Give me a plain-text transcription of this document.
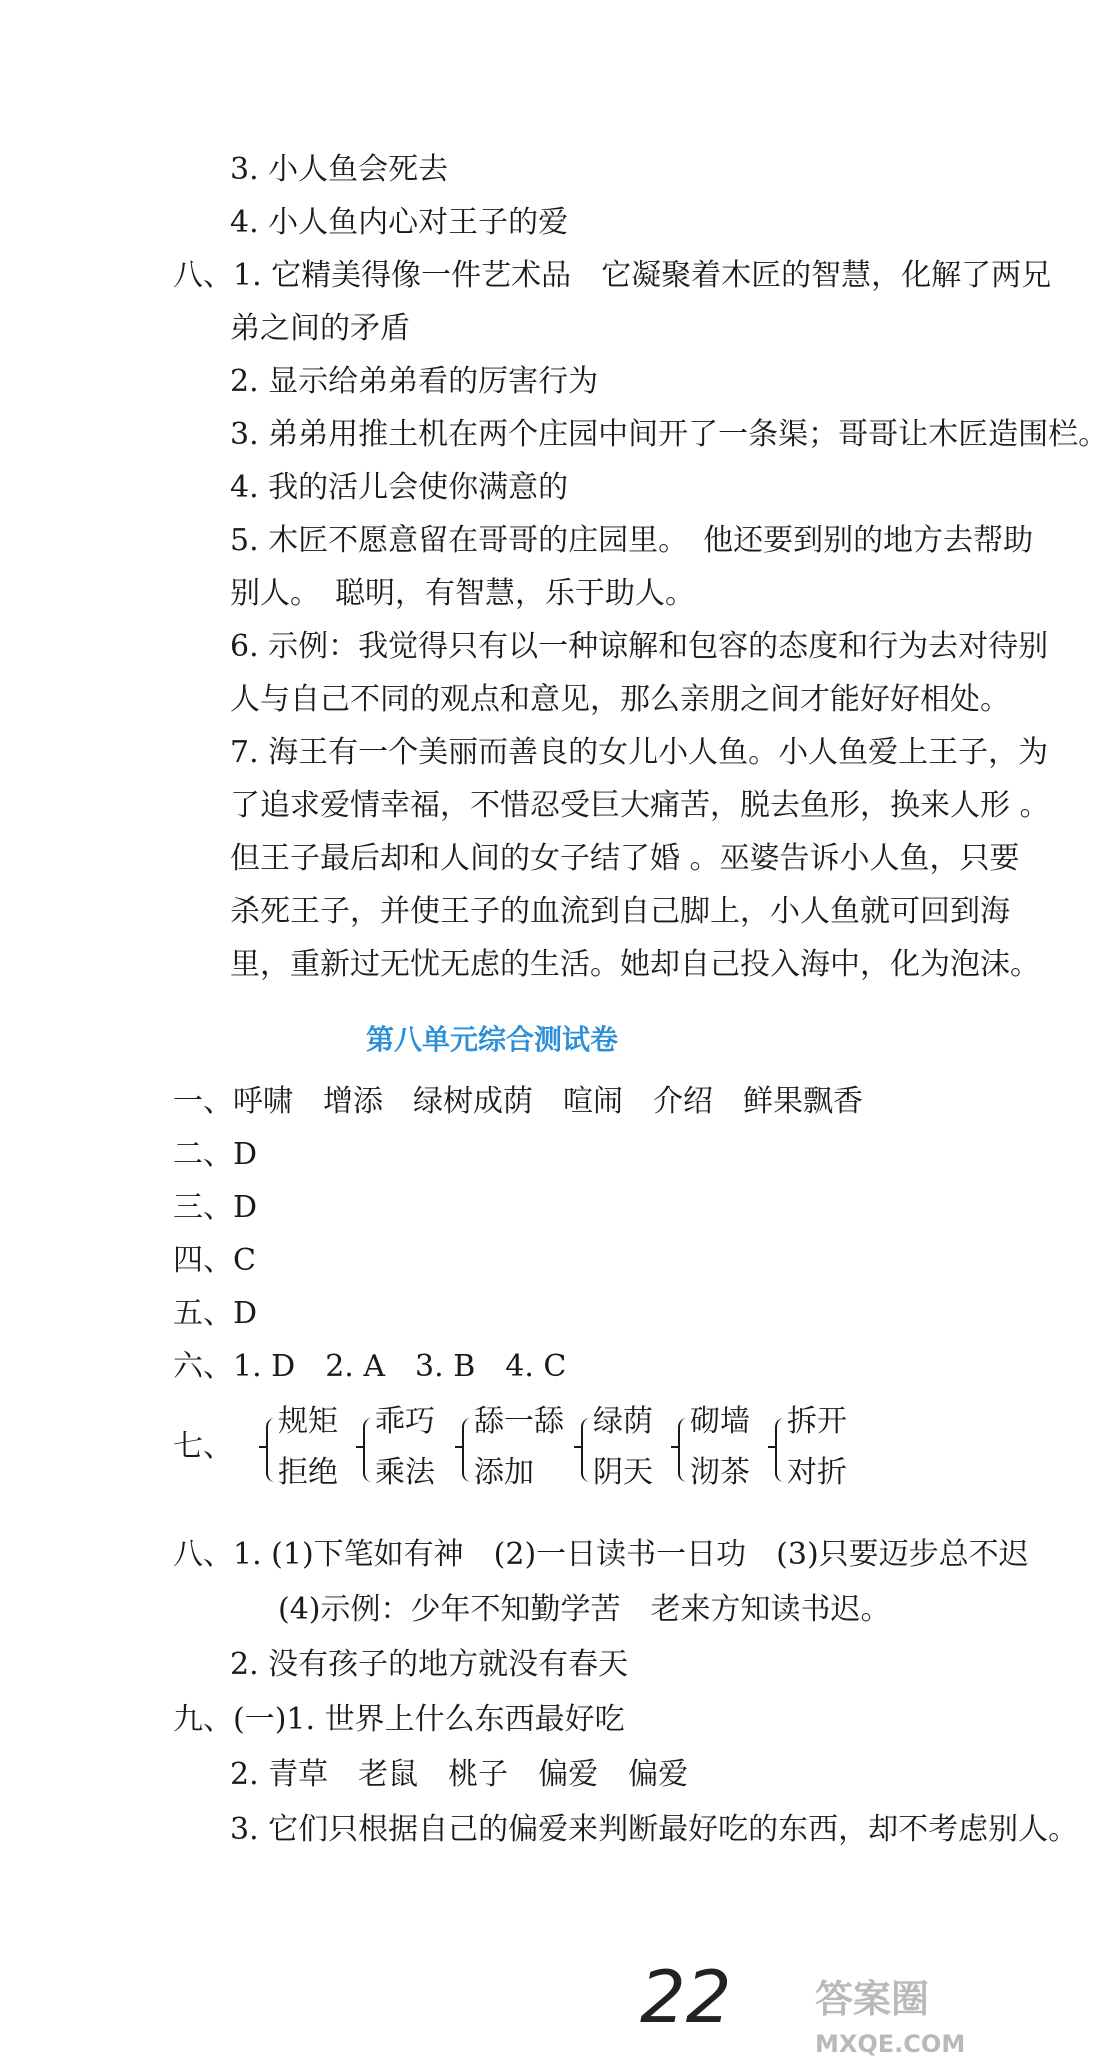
3. 小人鱼会死去
4. 小人鱼内心对王子的爱
八、1. 它精美得像一件艺术品　它凝聚着木匠的智慧，化解了两兄
弟之间的矛盾
2. 显示给弟弟看的厉害行为
3. 弟弟用推土机在两个庄园中间开了一条渠；哥哥让木匠造围栏。
4. 我的活儿会使你满意的
5. 木匠不愿意留在哥哥的庄园里。　他还要到别的地方去帮助
别人。　聪明，有智慧，乐于助人。
6. 示例：我觉得只有以一种谅解和包容的态度和行为去对待别
人与自己不同的观点和意见，那么亲朋之间才能好好相处。
7. 海王有一个美丽而善良的女儿小人鱼。小人鱼爱上王子，为
了追求爱情幸福，不惜忍受巨大痛苦，脱去鱼形，换来人形 。
但王子最后却和人间的女子结了婚 。巫婆告诉小人鱼，只要
杀死王子，并使王子的血流到自己脚上，小人鱼就可回到海
里，重新过无忧无虑的生活。她却自己投入海中，化为泡沫。
第八单元综合测试卷
一、呼啸　增添　绿树成荫　喧闹　介绍　鲜果飘香
二、D
三、D
四、C
五、D
六、1. D　2. A　3. B　4. C
七、
规矩
拒绝
乖巧
乘法
舔一舔
添加
绿荫
阴天
砌墙
沏茶
拆开
对折
八、1. (1)下笔如有神　(2)一日读书一日功　(3)只要迈步总不迟
(4)示例：少年不知勤学苦　老来方知读书迟。
2. 没有孩子的地方就没有春天
九、(一)1. 世界上什么东西最好吃
2. 青草　老鼠　桃子　偏爱　偏爱
3. 它们只根据自己的偏爱来判断最好吃的东西，却不考虑别人。
22 答案圈
MXQE.COM
